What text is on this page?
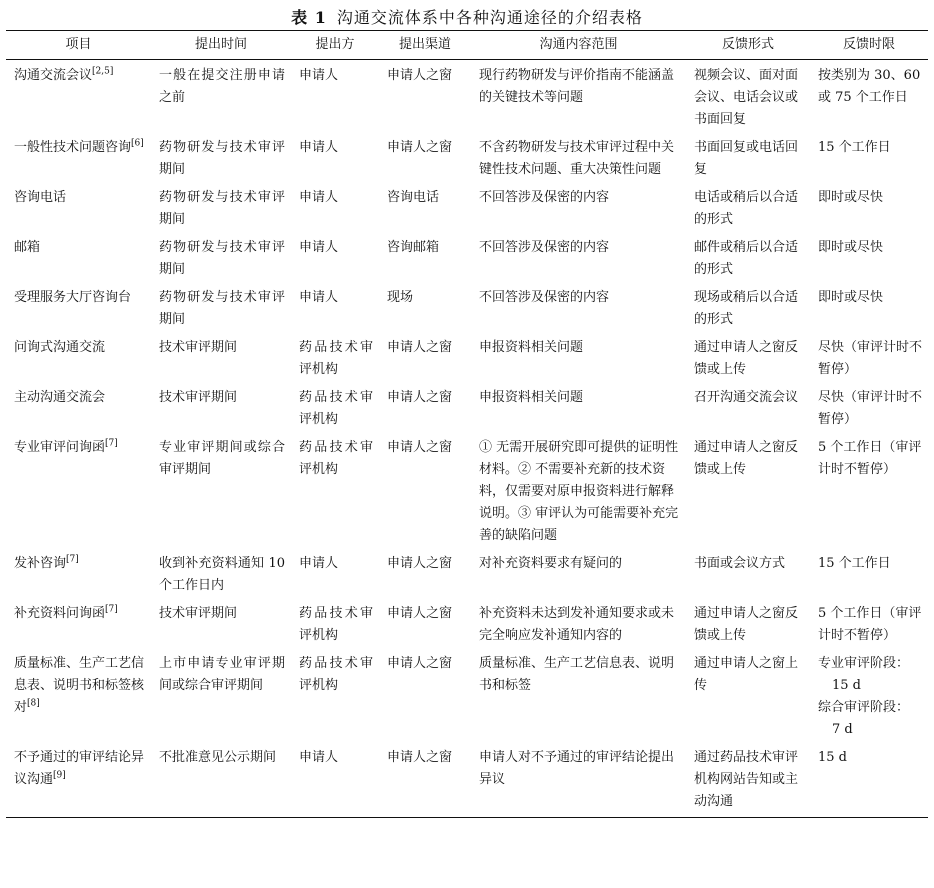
表 1 沟通交流体系中各种沟通途径的介绍表格
项目	提出时间	提出方	提出渠道	沟通内容范围	反馈形式	反馈时限
沟通交流会议[2,5]	一般在提交注册申请之前	申请人	申请人之窗	现行药物研发与评价指南不能涵盖的关键技术等问题	视频会议、面对面会议、电话会议或书面回复	按类别为 30、60 或 75 个工作日
一般性技术问题咨询[6]	药物研发与技术审评期间	申请人	申请人之窗	不含药物研发与技术审评过程中关键性技术问题、重大决策性问题	书面回复或电话回复	15 个工作日
咨询电话	药物研发与技术审评期间	申请人	咨询电话	不回答涉及保密的内容	电话或稍后以合适的形式	即时或尽快
邮箱	药物研发与技术审评期间	申请人	咨询邮箱	不回答涉及保密的内容	邮件或稍后以合适的形式	即时或尽快
受理服务大厅咨询台	药物研发与技术审评期间	申请人	现场	不回答涉及保密的内容	现场或稍后以合适的形式	即时或尽快
问询式沟通交流	技术审评期间	药品技术审评机构	申请人之窗	申报资料相关问题	通过申请人之窗反馈或上传	尽快（审评计时不暂停）
主动沟通交流会	技术审评期间	药品技术审评机构	申请人之窗	申报资料相关问题	召开沟通交流会议	尽快（审评计时不暂停）
专业审评问询函[7]	专业审评期间或综合审评期间	药品技术审评机构	申请人之窗	① 无需开展研究即可提供的证明性材料。② 不需要补充新的技术资料，仅需要对原申报资料进行解释说明。③ 审评认为可能需要补充完善的缺陷问题	通过申请人之窗反馈或上传	5 个工作日（审评计时不暂停）
发补咨询[7]	收到补充资料通知 10 个工作日内	申请人	申请人之窗	对补充资料要求有疑问的	书面或会议方式	15 个工作日
补充资料问询函[7]	技术审评期间	药品技术审评机构	申请人之窗	补充资料未达到发补通知要求或未完全响应发补通知内容的	通过申请人之窗反馈或上传	5 个工作日（审评计时不暂停）
质量标准、生产工艺信息表、说明书和标签核对[8]	上市申请专业审评期间或综合审评期间	药品技术审评机构	申请人之窗	质量标准、生产工艺信息表、说明书和标签	通过申请人之窗上传	专业审评阶段：
15 d
综合审评阶段：
7 d

不予通过的审评结论异议沟通[9]	不批准意见公示期间	申请人	申请人之窗	申请人对不予通过的审评结论提出异议	通过药品技术审评机构网站告知或主动沟通	15 d
